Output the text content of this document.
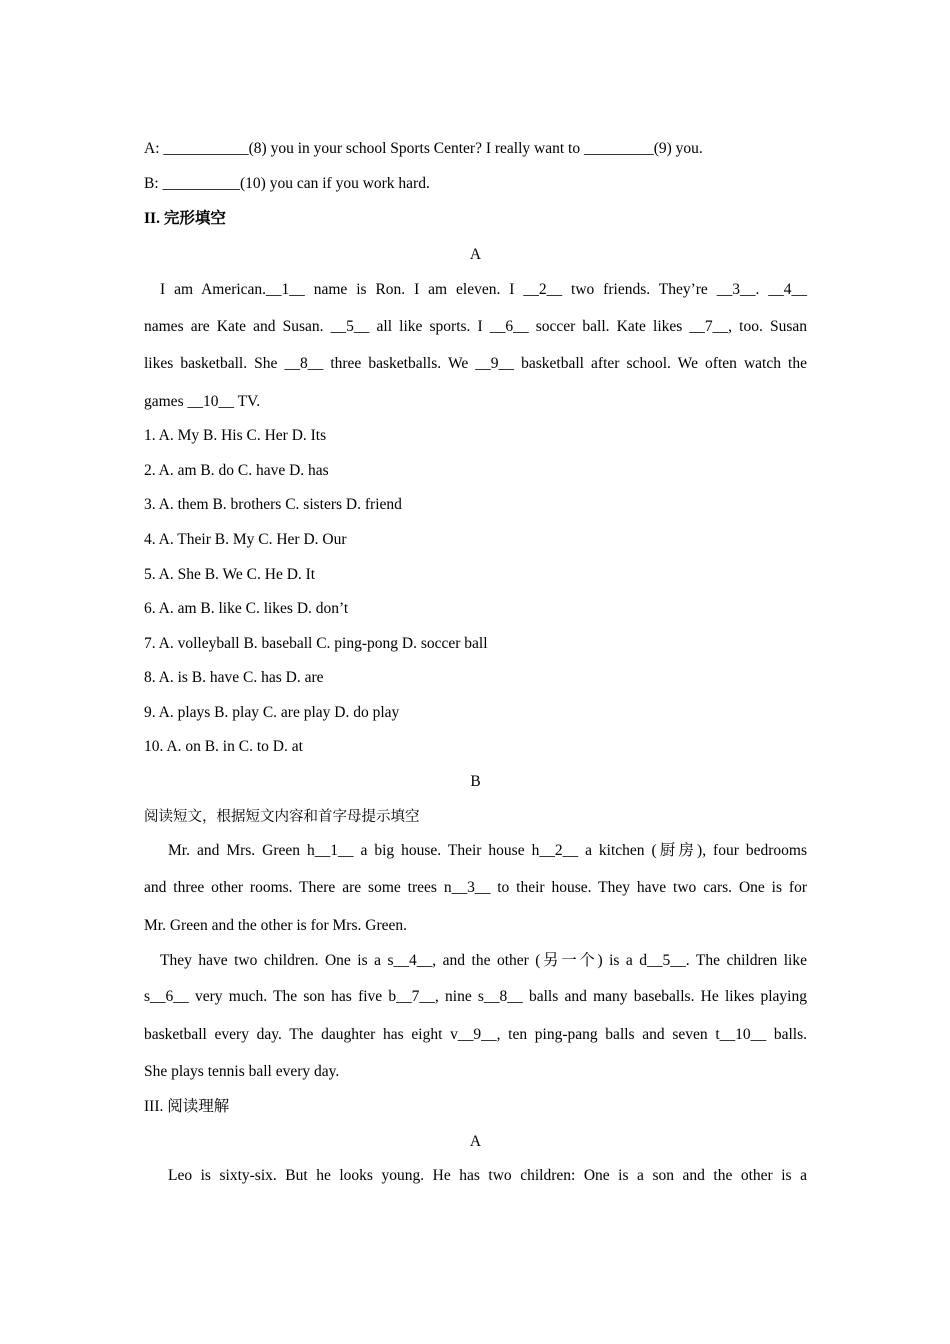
A: ___________(8) you in your school Sports Center? I really want to _________(9) you.
B: __________(10) you can if you work hard.
II. 完形填空
A
I am American.__1__ name is Ron. I am eleven. I __2__ two friends. They’re __3__. __4__
names are Kate and Susan. __5__ all like sports. I __6__ soccer ball. Kate likes __7__, too. Susan
likes basketball. She __8__ three basketballs. We __9__ basketball after school. We often watch the
games __10__ TV.
1. A. My B. His C. Her D. Its
2. A. am B. do C. have D. has
3. A. them B. brothers C. sisters D. friend
4. A. Their B. My C. Her D. Our
5. A. She B. We C. He D. It
6. A. am B. like C. likes D. don’t
7. A. volleyball B. baseball C. ping-pong D. soccer ball
8. A. is B. have C. has D. are
9. A. plays B. play C. are play D. do play
10. A. on B. in C. to D. at
B
阅读短文，根据短文内容和首字母提示填空
Mr. and Mrs. Green h__1__ a big house. Their house h__2__ a kitchen (厨房), four bedrooms
and three other rooms. There are some trees n__3__ to their house. They have two cars. One is for
Mr. Green and the other is for Mrs. Green.
They have two children. One is a s__4__, and the other (另一个) is a d__5__. The children like
s__6__ very much. The son has five b__7__, nine s__8__ balls and many baseballs. He likes playing
basketball every day. The daughter has eight v__9__, ten ping-pang balls and seven t__10__ balls.
She plays tennis ball every day.
III. 阅读理解
A
Leo is sixty-six. But he looks young. He has two children: One is a son and the other is a
